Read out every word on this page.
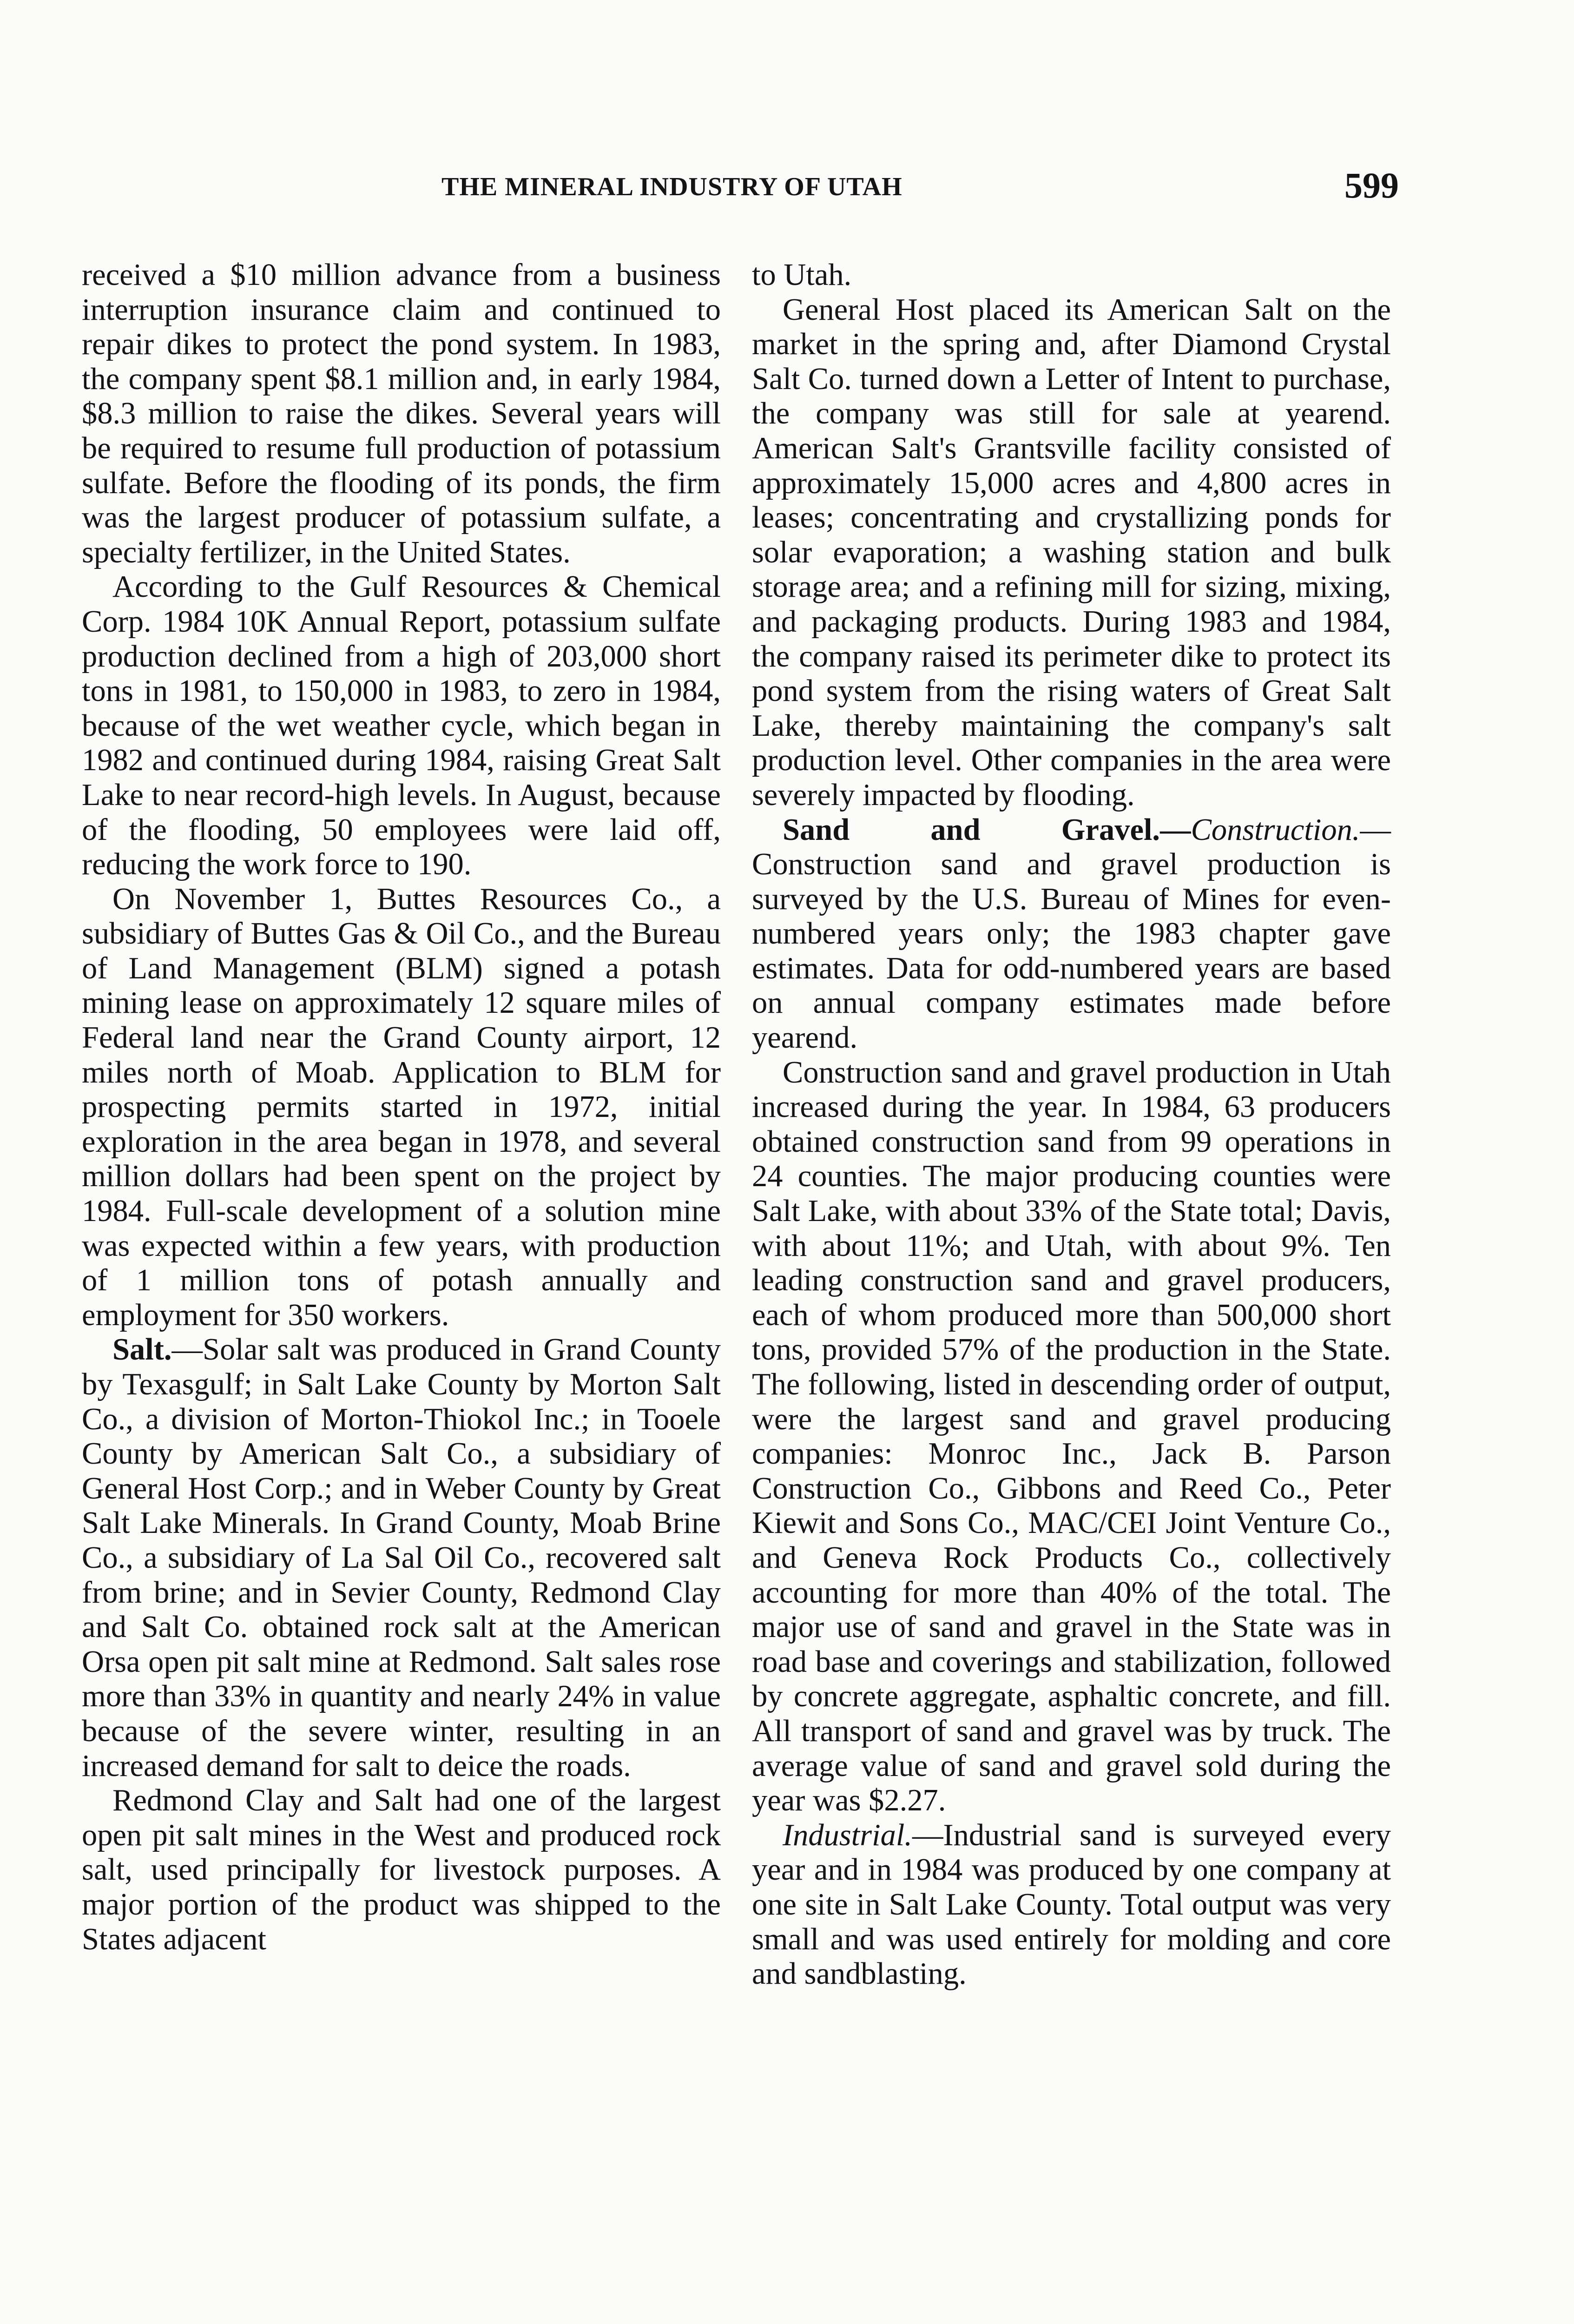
THE MINERAL INDUSTRY OF UTAH	599

received a $10 million advance from a business interruption insurance claim and continued to repair dikes to protect the pond system. In 1983, the company spent $8.1 million and, in early 1984, $8.3 million to raise the dikes. Several years will be required to resume full production of potassium sulfate. Before the flooding of its ponds, the firm was the largest producer of potassium sulfate, a specialty fertilizer, in the United States.

According to the Gulf Resources & Chemical Corp. 1984 10K Annual Report, potassium sulfate production declined from a high of 203,000 short tons in 1981, to 150,000 in 1983, to zero in 1984, because of the wet weather cycle, which began in 1982 and continued during 1984, raising Great Salt Lake to near record-high levels. In August, because of the flooding, 50 employees were laid off, reducing the work force to 190.

On November 1, Buttes Resources Co., a subsidiary of Buttes Gas & Oil Co., and the Bureau of Land Management (BLM) signed a potash mining lease on approximately 12 square miles of Federal land near the Grand County airport, 12 miles north of Moab. Application to BLM for prospecting permits started in 1972, initial exploration in the area began in 1978, and several million dollars had been spent on the project by 1984. Full-scale development of a solution mine was expected within a few years, with production of 1 million tons of potash annually and employment for 350 workers.

Salt.—Solar salt was produced in Grand County by Texasgulf; in Salt Lake County by Morton Salt Co., a division of Morton-Thiokol Inc.; in Tooele County by American Salt Co., a subsidiary of General Host Corp.; and in Weber County by Great Salt Lake Minerals. In Grand County, Moab Brine Co., a subsidiary of La Sal Oil Co., recovered salt from brine; and in Sevier County, Redmond Clay and Salt Co. obtained rock salt at the American Orsa open pit salt mine at Redmond. Salt sales rose more than 33% in quantity and nearly 24% in value because of the severe winter, resulting in an increased demand for salt to deice the roads.

Redmond Clay and Salt had one of the largest open pit salt mines in the West and produced rock salt, used principally for livestock purposes. A major portion of the product was shipped to the States adjacent

to Utah.

General Host placed its American Salt on the market in the spring and, after Diamond Crystal Salt Co. turned down a Letter of Intent to purchase, the company was still for sale at yearend. American Salt's Grantsville facility consisted of approximately 15,000 acres and 4,800 acres in leases; concentrating and crystallizing ponds for solar evaporation; a washing station and bulk storage area; and a refining mill for sizing, mixing, and packaging products. During 1983 and 1984, the company raised its perimeter dike to protect its pond system from the rising waters of Great Salt Lake, thereby maintaining the company's salt production level. Other companies in the area were severely impacted by flooding.

Sand and Gravel.—Construction.—Construction sand and gravel production is surveyed by the U.S. Bureau of Mines for even-numbered years only; the 1983 chapter gave estimates. Data for odd-numbered years are based on annual company estimates made before yearend.

Construction sand and gravel production in Utah increased during the year. In 1984, 63 producers obtained construction sand from 99 operations in 24 counties. The major producing counties were Salt Lake, with about 33% of the State total; Davis, with about 11%; and Utah, with about 9%. Ten leading construction sand and gravel producers, each of whom produced more than 500,000 short tons, provided 57% of the production in the State. The following, listed in descending order of output, were the largest sand and gravel producing companies: Monroc Inc., Jack B. Parson Construction Co., Gibbons and Reed Co., Peter Kiewit and Sons Co., MAC/CEI Joint Venture Co., and Geneva Rock Products Co., collectively accounting for more than 40% of the total. The major use of sand and gravel in the State was in road base and coverings and stabilization, followed by concrete aggregate, asphaltic concrete, and fill. All transport of sand and gravel was by truck. The average value of sand and gravel sold during the year was $2.27.

Industrial.—Industrial sand is surveyed every year and in 1984 was produced by one company at one site in Salt Lake County. Total output was very small and was used entirely for molding and core and sandblasting.
